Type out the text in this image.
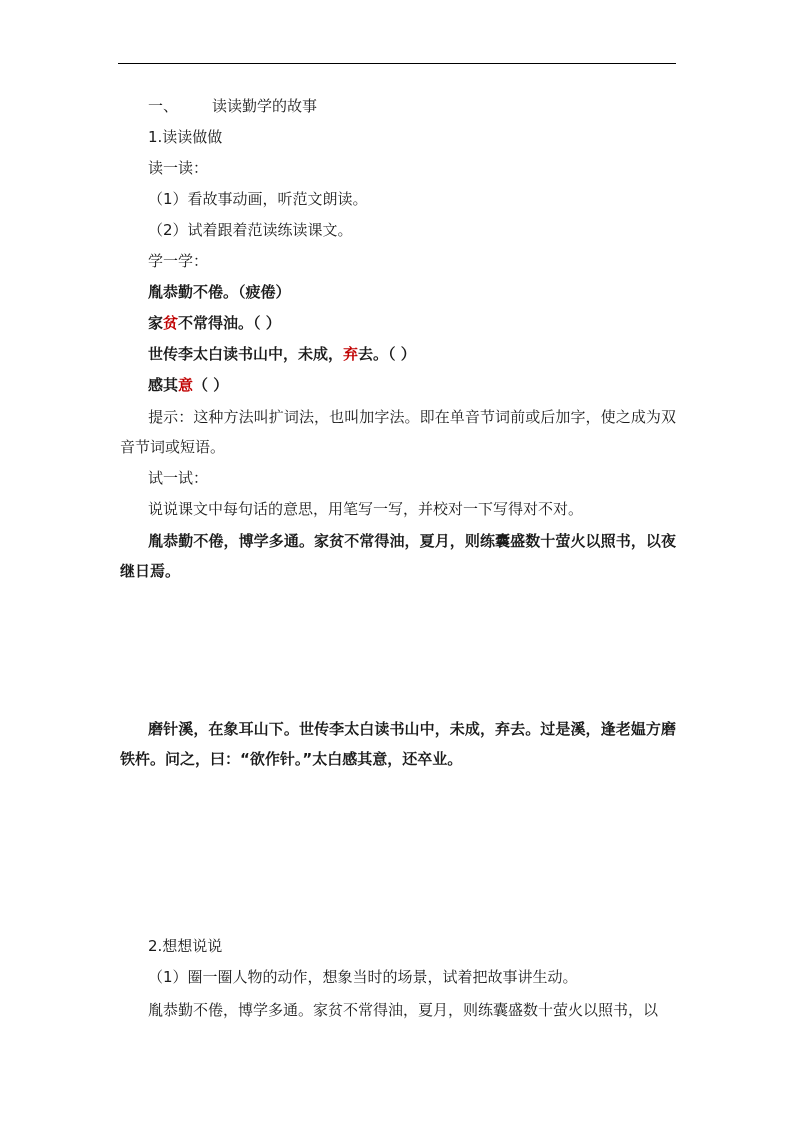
一、 读读勤学的故事
1.读读做做
读一读：
（1）看故事动画，听范文朗读。
（2）试着跟着范读练读课文。
学一学：
胤恭勤不倦。（疲倦）
家贫不常得油。（ ）
世传李太白读书山中，未成，弃去。（ ）
感其意（ ）
提示：这种方法叫扩词法，也叫加字法。即在单音节词前或后加字，使之成为双音节词或短语。
试一试：
说说课文中每句话的意思，用笔写一写，并校对一下写得对不对。
胤恭勤不倦，博学多通。家贫不常得油，夏月，则练囊盛数十萤火以照书，以夜继日焉。
磨针溪，在象耳山下。世传李太白读书山中，未成，弃去。过是溪，逢老媪方磨铁杵。问之，曰：“欲作针。”太白感其意，还卒业。
2.想想说说
（1）圈一圈人物的动作，想象当时的场景，试着把故事讲生动。
胤恭勤不倦，博学多通。家贫不常得油，夏月，则练囊盛数十萤火以照书，以
